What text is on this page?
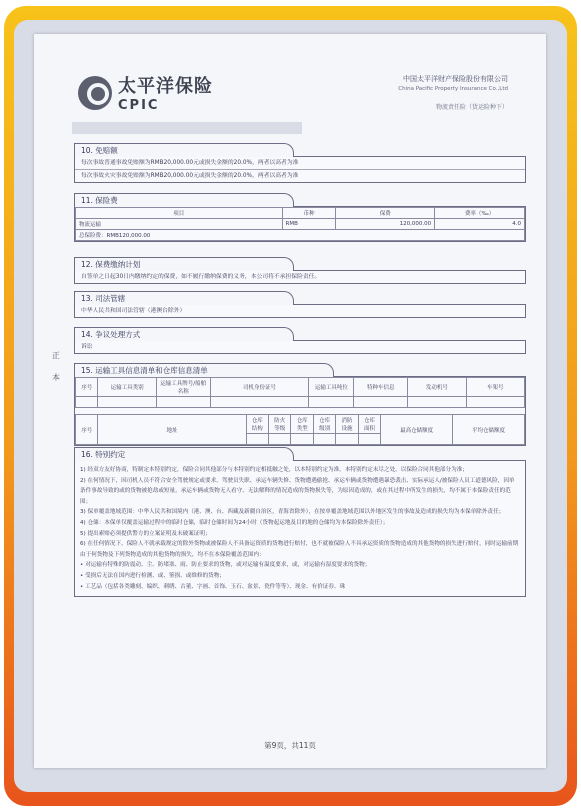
太平洋保险
CPIC
中国太平洋财产保险股份有限公司
China Pacific Property Insurance Co.,Ltd
物流责任险（货运险种下）
正
本
10. 免赔额
每次事故普通事故免赔额为RMB20,000.00元或损失金额的20.0%，两者以高者为准
每次事故火灾事故免赔额为RMB20,000.00元或损失金额的20.0%，两者以高者为准
11. 保险费
项目	币种	保费	费率（‰）
物流运输	RMB	120,000.00	4.0
总保险费：RMB120,000.00			
12. 保费缴纳计划
自签单之日起30日内缴纳约定的保费，如不履行缴纳保费的义务，本公司将不承担保险责任。
13. 司法管辖
中华人民共和国司法管辖（港澳台除外）
14. 争议处理方式
诉讼
15. 运输工具信息清单和仓库信息清单
序号	运输工具类别	运输工具牌号/船舶名称	司机身份证号	运输工具吨位	特种车信息	发动机号	车架号

序号	地址	仓库结构	防火等级	仓库类型	仓库级别	消防设施	仓库面积	最高仓储额度	平均仓储额度

16. 特别约定

1) 经双方友好协商，特制定本特别约定，保险合同其他部分与本特别约定相抵触之处，以本特别约定为准。本特别约定未尽之处，以保险合同其他部分为准；

2) 在何情况下，因司机人员不符合安全驾驶规定或要求、驾驶员失职、承运车辆失修、货物遭遇偷抢、承运车辆或货物遭遇暴恐袭击、实际承运人/被保险人员工道德风险，因单条件事故导致的或的货物被抢劫或短量，承运车辆或货物无人看守、无法解释的情况造成的货物损失等，为原因造成的，或在其过程中所发生的损失，均不属于本保险责任的范围；

3) 保单覆盖地域范围：中华人民共和国境内（港、澳、台、西藏及新疆自治区，青海省除外），在按单覆盖地域范围以外地区发生的事故及造成的损失均为本保单除外责任；

4) 仓储：本保单仅覆盖运输过程中的临时仓储，临时仓储时间为24小时（货物起运地及目的地的仓储均为本保险除外责任）；

5) 提出索赔必须提供警方的立案证明及未破案证明；

6) 在任何情况下，保险人不就承载规定的除外货物或被保险人不具备运资质的货物进行赔付，也不就被保险人不具承运资质的货物造成的其他货物的损失进行赔付，同时运输前期由于何货物及下列货物造成的其他货物的损失，均不在本保险覆盖范围内：

• 对运输有特殊的防震动、尘、防堵塞、雨、防止要求的货物，或对运输有温度要求，或，对运输有湿度要求的货物；

• 受损后无法在国内进行检测、或、鉴损、或维修的货物；

• 工艺品（包括各类雕刻、编织、刺绣、古董、字画、首饰、玉石、盆景、瓷件等等）、现金、有价证券、珠

第9页，共11页
